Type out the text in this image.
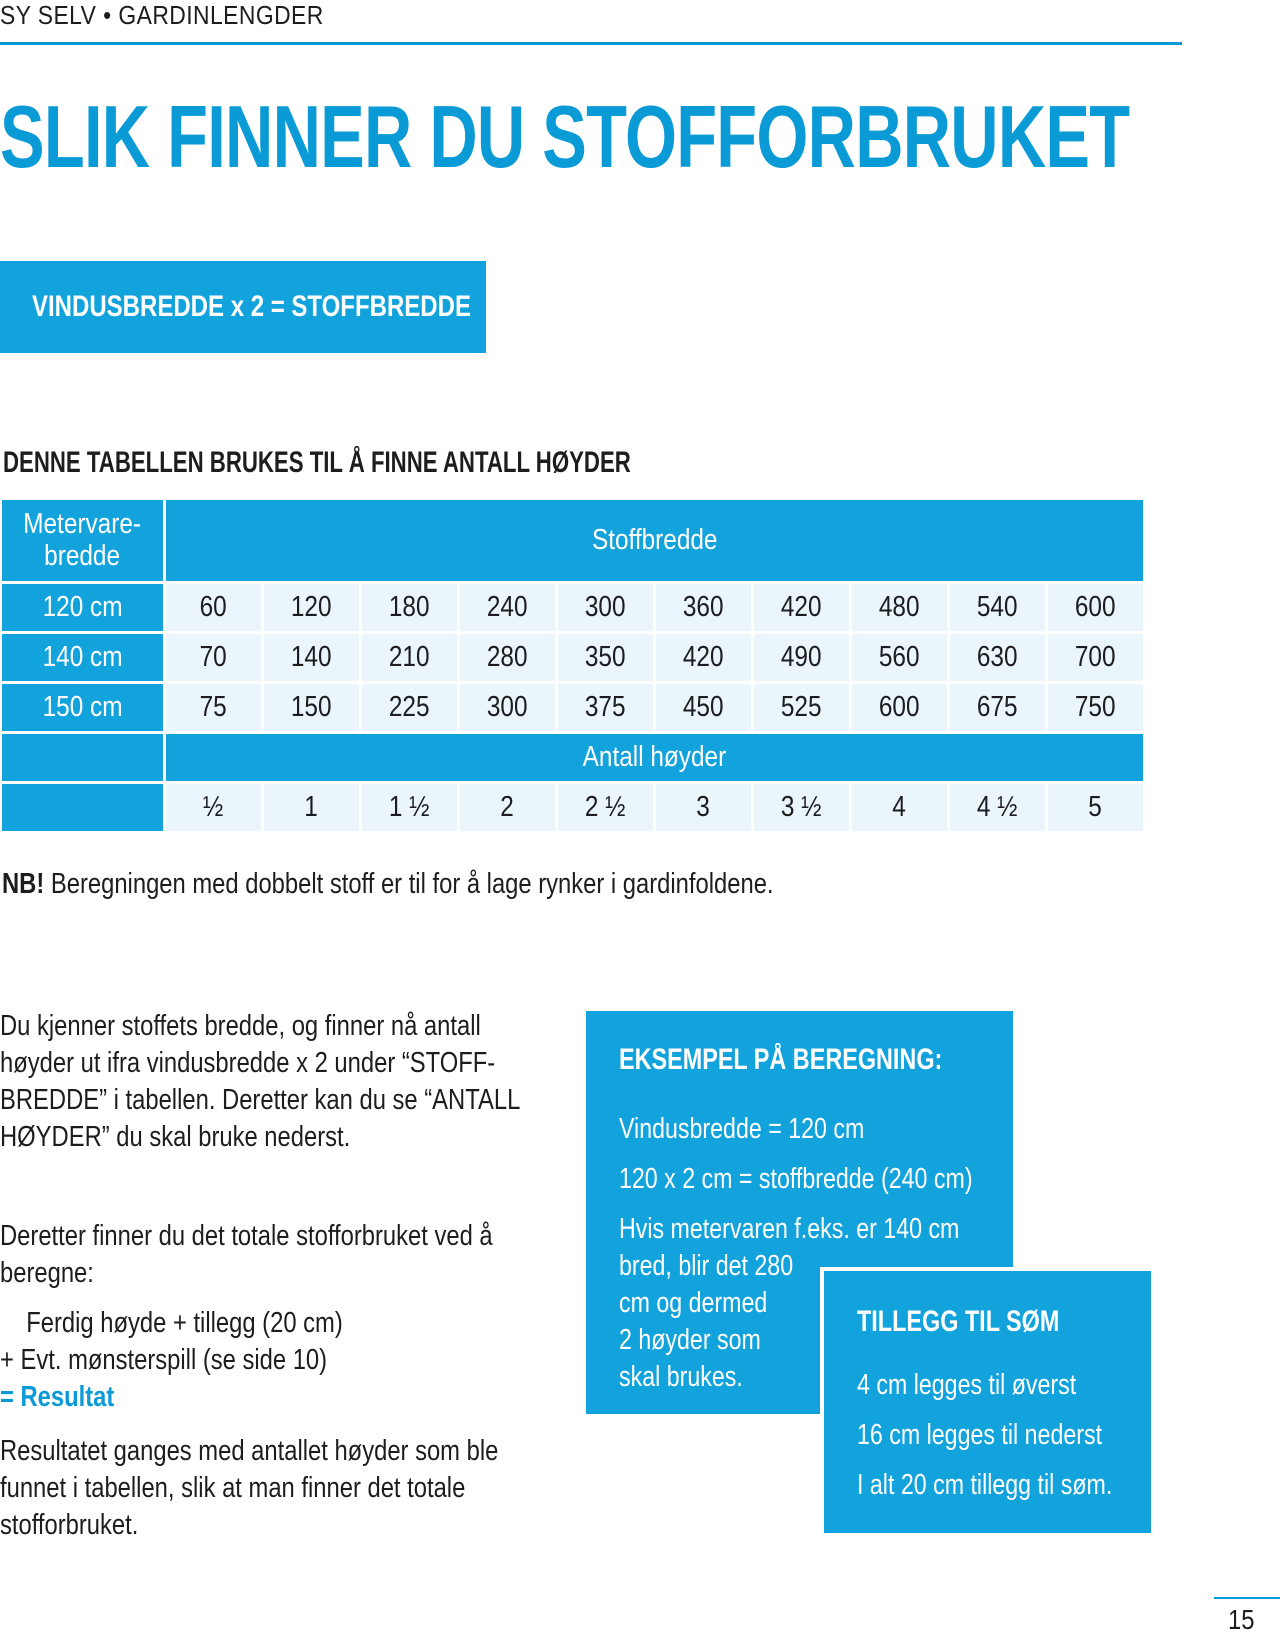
SY SELV • GARDINLENGDER
SLIK FINNER DU STOFFORBRUKET
VINDUSBREDDE x 2 = STOFFBREDDE
DENNE TABELLEN BRUKES TIL Å FINNE ANTALL HØYDER
Metervare-
bredde	Stoffbredde									
120 cm	60	120	180	240	300	360	420	480	540	600
140 cm	70	140	210	280	350	420	490	560	630	700
150 cm	75	150	225	300	375	450	525	600	675	750
	Antall høyder									
	½	1	1 ½	2	2 ½	3	3 ½	4	4 ½	5
NB! Beregningen med dobbelt stoff er til for å lage rynker i gardinfoldene.
Du kjenner stoffets bredde, og finner nå antall
høyder ut ifra vindusbredde x 2 under “STOFF-
BREDDE” i tabellen. Deretter kan du se “ANTALL
HØYDER” du skal bruke nederst.
Deretter finner du det totale stofforbruket ved å
beregne:
Ferdig høyde + tillegg (20 cm)
+ Evt. mønsterspill (se side 10)
= Resultat
Resultatet ganges med antallet høyder som ble
funnet i tabellen, slik at man finner det totale
stofforbruket.
EKSEMPEL PÅ BEREGNING:
Vindusbredde = 120 cm
120 x 2 cm = stoffbredde (240 cm)
Hvis metervaren f.eks. er 140 cm
bred, blir det 280
cm og dermed
2 høyder som
skal brukes.
TILLEGG TIL SØM
4 cm legges til øverst
16 cm legges til nederst
I alt 20 cm tillegg til søm.
15
